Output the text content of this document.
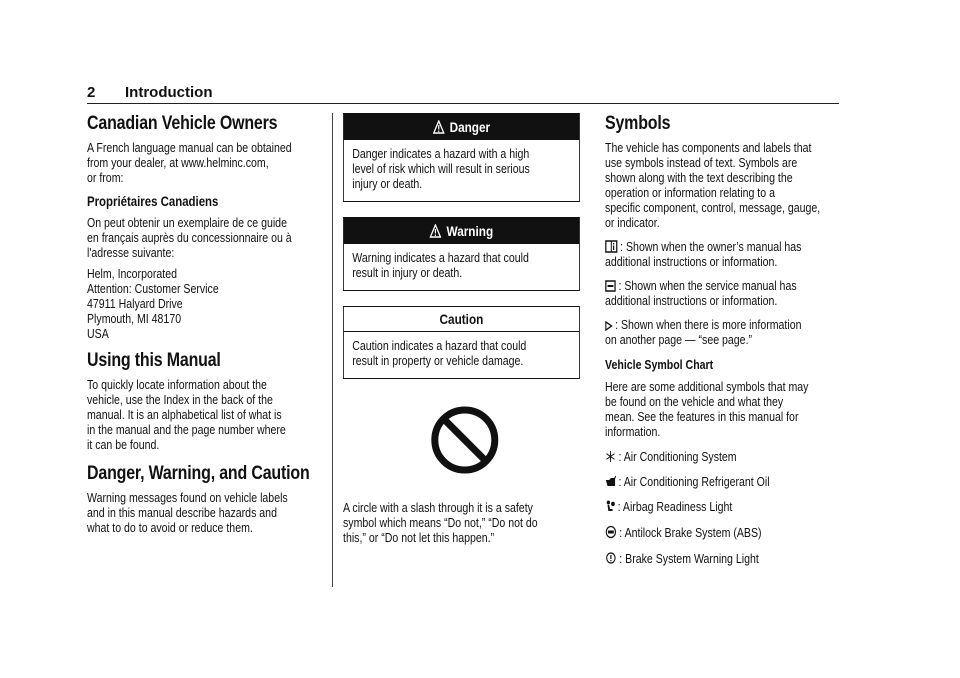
2 Introduction
Canadian Vehicle Owners

A French language manual can be obtained

from your dealer, at www.helminc.com,

or from:

Propriétaires Canadiens

On peut obtenir un exemplaire de ce guide

en français auprès du concessionnaire ou à

l'adresse suivante:

Helm, Incorporated

Attention: Customer Service

47911 Halyard Drive

Plymouth, MI 48170

USA

Using this Manual

To quickly locate information about the

vehicle, use the Index in the back of the

manual. It is an alphabetical list of what is

in the manual and the page number where

it can be found.

Danger, Warning, and Caution

Warning messages found on vehicle labels

and in this manual describe hazards and

what to do to avoid or reduce them.

Danger

Danger indicates a hazard with a high

level of risk which will result in serious

injury or death.

Warning

Warning indicates a hazard that could

result in injury or death.

Caution

Caution indicates a hazard that could

result in property or vehicle damage.

A circle with a slash through it is a safety

symbol which means “Do not,” “Do not do

this,” or “Do not let this happen.”

Symbols

The vehicle has components and labels that

use symbols instead of text. Symbols are

shown along with the text describing the

operation or information relating to a

specific component, control, message, gauge,

or indicator.

: Shown when the owner’s manual has

additional instructions or information.

: Shown when the service manual has

additional instructions or information.

: Shown when there is more information

on another page — “see page.”

Vehicle Symbol Chart

Here are some additional symbols that may

be found on the vehicle and what they

mean. See the features in this manual for

information.

: Air Conditioning System

: Air Conditioning Refrigerant Oil

: Airbag Readiness Light

: Antilock Brake System (ABS)

: Brake System Warning Light
